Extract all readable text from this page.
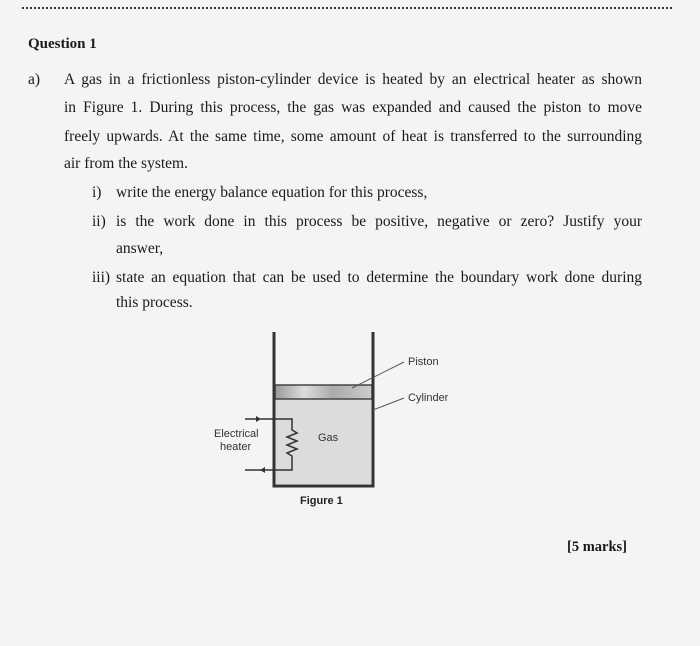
Question 1
a) A gas in a frictionless piston-cylinder device is heated by an electrical heater as shown
in Figure 1. During this process, the gas was expanded and caused the piston to move
freely upwards. At the same time, some amount of heat is transferred to the surrounding
air from the system.
i) write the energy balance equation for this process,
ii) is the work done in this process be positive, negative or zero? Justify your
answer,
iii) state an equation that can be used to determine the boundary work done during
this process.
Piston
Cylinder
Electrical
heater
Gas
Figure 1
[5 marks]
